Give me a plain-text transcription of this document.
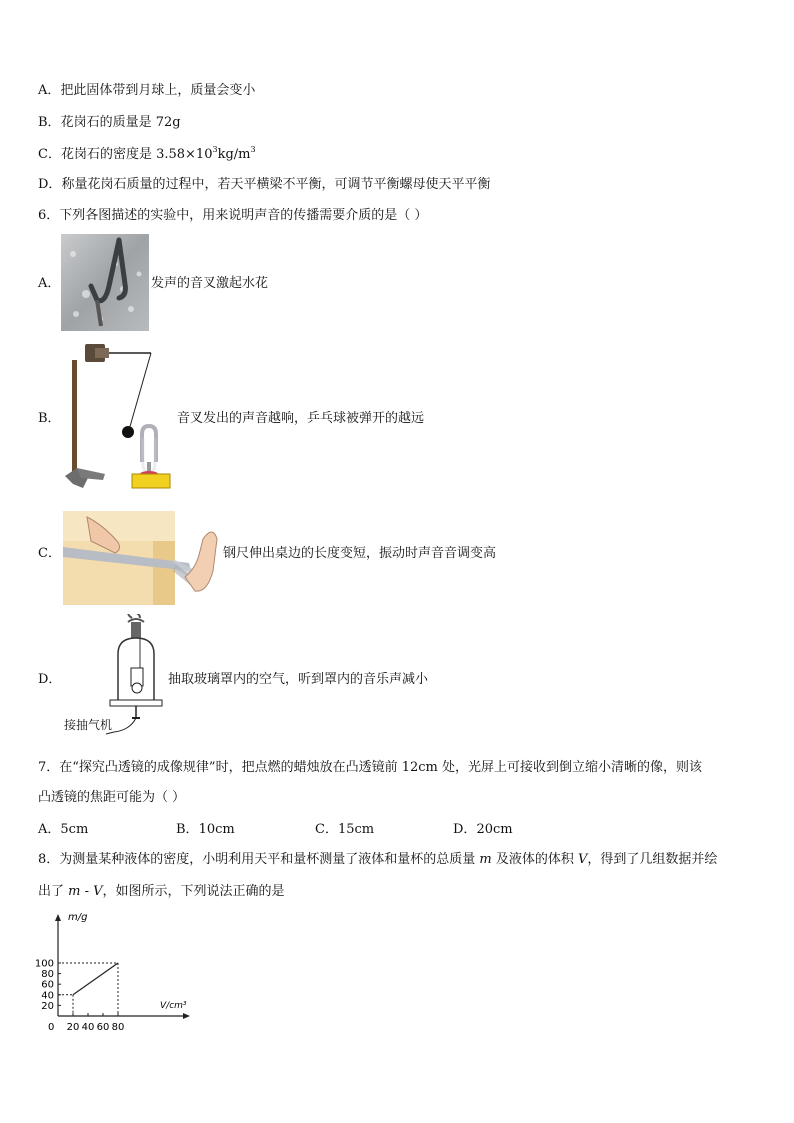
A．把此固体带到月球上，质量会变小
B．花岗石的质量是 72g
C．花岗石的密度是 $3.58\times 10^3kg/m^3$
D．称量花岗石质量的过程中，若天平横梁不平衡，可调节平衡螺母使天平平衡
6．下列各图描述的实验中，用来说明声音的传播需要介质的是（ ）
A．	发声的音叉激起水花
B．	音叉发出的声音越响，乒乓球被弹开的越远
C．	钢尺伸出桌边的长度变短，振动时声音音调变高
D．	抽取玻璃罩内的空气，听到罩内的音乐声减小
接抽气机
7．在“探究凸透镜的成像规律”时，把点燃的蜡烛放在凸透镜前 12cm 处，光屏上可接收到倒立缩小清晰的像，则该
凸透镜的焦距可能为（ ）
A．5cm	B．10cm	C．15cm	D．20cm
8．为测量某种液体的密度，小明利用天平和量杯测量了液体和量杯的总质量 m 及液体的体积 V，得到了几组数据并绘
出了 m - V，如图所示，下列说法正确的是
m/g
V/cm³
0 20 40 60 80
20
40
60
80
100
